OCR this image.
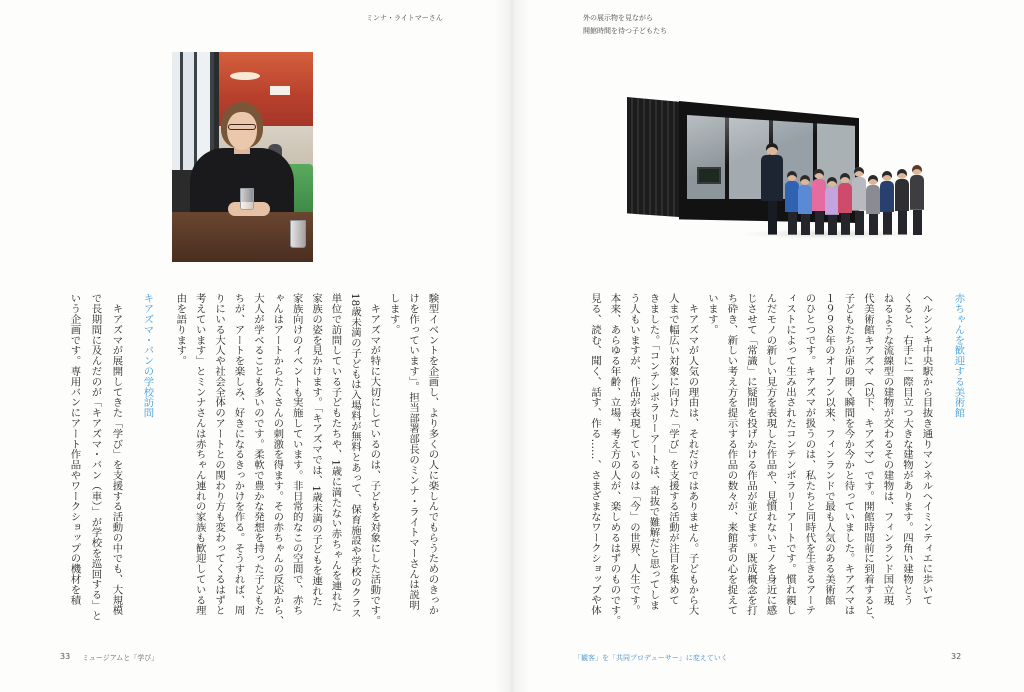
ミンナ・ライトマーさん
験型イベントを企画し、より多くの人に楽しんでもらうためのきっか
けを作っています」。担当部署部長のミンナ・ライトマーさんは説明
します。
　キアズマが特に大切にしているのは、子どもを対象にした活動です。
18歳未満の子どもは入場料が無料とあって、保育施設や学校のクラス
単位で訪問している子どもたちや、1歳に満たない赤ちゃんを連れた
家族の姿を見かけます。「キアズマでは、1歳未満の子どもを連れた
家族向けのイベントも実施しています。非日常的なこの空間で、赤ち
ゃんはアートからたくさんの刺激を得ます。その赤ちゃんの反応から、
大人が学べることも多いのです。柔軟で豊かな発想を持った子どもた
ちが、アートを楽しみ、好きになるきっかけを作る。そうすれば、周
りにいる大人や社会全体のアートとの関わり方も変わってくるはずと
考えています」とミンナさんは赤ちゃん連れの家族も歓迎している理
由を語ります。
キアズマ・バンの学校訪問
　キアズマが展開してきた「学び」を支援する活動の中でも、大規模
で長期間に及んだのが「キアズマ・バン（車）」が学校を巡回する」と
いう企画です。専用バンにアート作品やワークショップの機材を積
33 ミュージアムと「学び」
外の展示物を見ながら
開館時間を待つ子どもたち
赤ちゃんを歓迎する美術館
ヘルシンキ中央駅から目抜き通りマンネルヘイミンティエに歩いて
くると、右手に一際目立つ大きな建物があります。四角い建物とう
ねるような流線型の建物が交わるその建物は、フィンランド国立現
代美術館キアズマ（以下、キアズマ）です。開館時間前に到着すると、
子どもたちが扉の開く瞬間を今か今かと待っていました。キアズマは
１９９８年のオープン以来、フィンランドで最も人気のある美術館
のひとつです。キアズマが扱うのは、私たちと同時代を生きるアーテ
ィストによって生み出されたコンテンポラリーアートです。慣れ親し
んだモノの新しい見方を表現した作品や、見慣れないモノを身近に感
じさせて「常識」に疑問を投げかける作品が並びます。既成概念を打
ち砕き、新しい考え方を提示する作品の数々が、来館者の心を捉えて
います。
　キアズマが人気の理由は、それだけではありません。子どもから大
人まで幅広い対象に向けた「学び」を支援する活動が注目を集めて
きました。「コンテンポラリーアートは、奇抜で難解だと思ってしま
う人もいますが、作品が表現しているのは「今」の世界、人生です。
本来、あらゆる年齢、立場、考え方の人が、楽しめるはずのものです。
見る、読む、聞く、話す、作る……、さまざまなワークショップや体
「観客」を「共同プロデューサー」に変えていく	32
